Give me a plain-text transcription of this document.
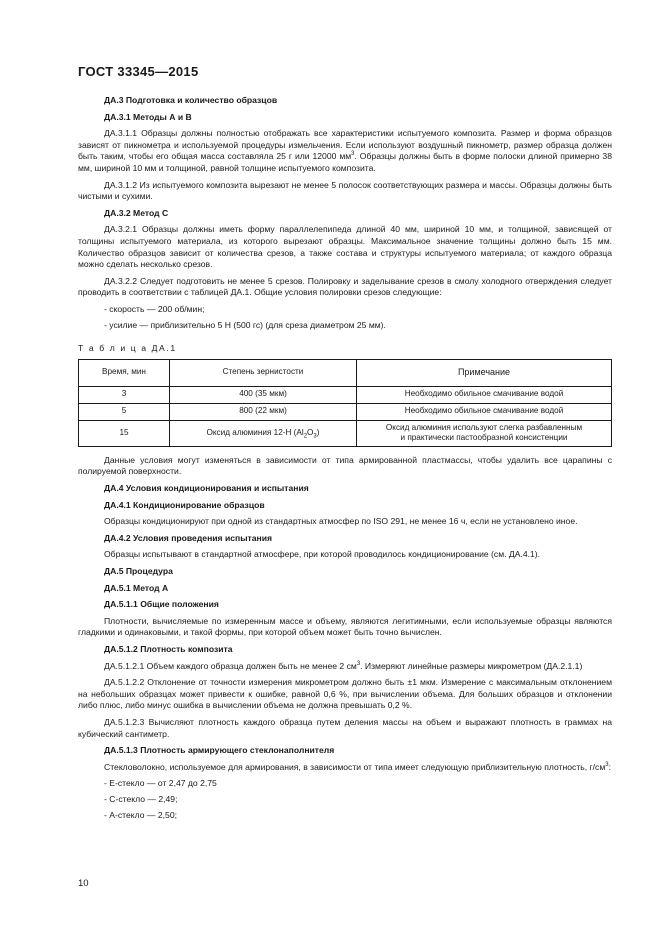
ГОСТ 33345—2015
ДА.3 Подготовка и количество образцов
ДА.3.1 Методы А и В
ДА.3.1.1 Образцы должны полностью отображать все характеристики испытуемого композита. Размер и форма образцов зависят от пикнометра и используемой процедуры измельчения. Если используют воздушный пикнометр, размер образца должен быть таким, чтобы его общая масса составляла 25 г или 12000 $мм^3$. Образцы должны быть в форме полоски длиной примерно 38 мм, шириной 10 мм и толщиной, равной толщине испытуемого композита.
ДА.3.1.2 Из испытуемого композита вырезают не менее 5 полосок соответствующих размера и массы. Образцы должны быть чистыми и сухими.
ДА.3.2 Метод С
ДА.3.2.1 Образцы должны иметь форму параллелепипеда длиной 40 мм, шириной 10 мм, и толщиной, зависящей от толщины испытуемого материала, из которого вырезают образцы. Максимальное значение толщины должно быть 15 мм. Количество образцов зависит от количества срезов, а также состава и структуры испытуемого материала; от каждого образца можно сделать несколько срезов.
ДА.3.2.2 Следует подготовить не менее 5 срезов. Полировку и заделывание срезов в смолу холодного отверждения следует проводить в соответствии с таблицей ДА.1. Общие условия полировки срезов следующие:
- скорость — 200 об/мин;
- усилие — приблизительно 5 Н (500 гс) (для среза диаметром 25 мм).
Т а б л и ц а ДА.1
Время, мин	Степень зернистости	Примечание
3	400 (35 мкм)	Необходимо обильное смачивание водой
5	800 (22 мкм)	Необходимо обильное смачивание водой
15	Оксид алюминия 12-Н $(Al_2O_3)$	Оксид алюминия используют слегка разбавленным
и практически пастообразной консистенции
Данные условия могут изменяться в зависимости от типа армированной пластмассы, чтобы удалить все царапины с полируемой поверхности.
ДА.4 Условия кондиционирования и испытания
ДА.4.1 Кондиционирование образцов
Образцы кондиционируют при одной из стандартных атмосфер по ISO 291, не менее 16 ч, если не установлено иное.
ДА.4.2 Условия проведения испытания
Образцы испытывают в стандартной атмосфере, при которой проводилось кондиционирование (см. ДА.4.1).
ДА.5 Процедура
ДА.5.1 Метод А
ДА.5.1.1 Общие положения
Плотности, вычисляемые по измеренным массе и объему, являются легитимными, если используемые образцы являются гладкими и одинаковыми, и такой формы, при которой объем может быть точно вычислен.
ДА.5.1.2 Плотность композита
ДА.5.1.2.1 Объем каждого образца должен быть не менее 2 $см^3$. Измеряют линейные размеры микрометром (ДА.2.1.1)
ДА.5.1.2.2 Отклонение от точности измерения микрометром должно быть ±1 мкм. Измерение с максимальным отклонением на небольших образцах может привести к ошибке, равной 0,6 %, при вычислении объема. Для больших образцов и отклонении либо плюс, либо минус ошибка в вычислении объема не должна превышать 0,2 %.
ДА.5.1.2.3 Вычисляют плотность каждого образца путем деления массы на объем и выражают плотность в граммах на кубический сантиметр.
ДА.5.1.3 Плотность армирующего стеклонаполнителя
Стекловолокно, используемое для армирования, в зависимости от типа имеет следующую приблизительную плотность, $г/см^3$:
- Е-стекло — от 2,47 до 2,75
- С-стекло — 2,49;
- А-стекло — 2,50;
10
